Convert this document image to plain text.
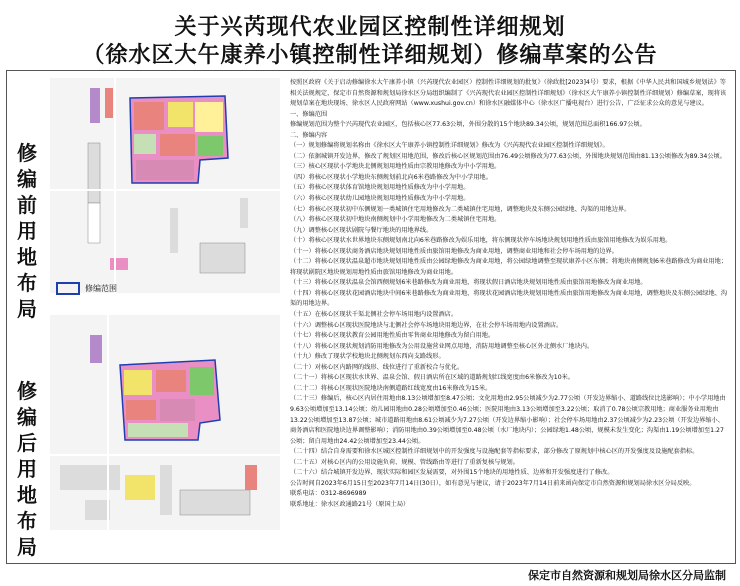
关于兴芮现代农业园区控制性详细规划
（徐水区大午康养小镇控制性详细规划）修编草案的公告
修编前用地布局
修编后用地布局
修编范围

按照区政府《关于启动修编徐水大午康养小镇（兴芮现代农业园区）控制性详细规划的批复》（徐政批[2023]4号）要求，根据《中华人民共和国城乡规划法》等相关法规规定，保定市自然资源和规划局徐水区分局组织编制了《兴芮现代农业园区控制性详细规划》（徐水区大午康养小镇控制性详细规划）修编草案，现将该规划草案在地块现场、徐水区人民政府网站（www.xushui.gov.cn）和徐水区融媒体中心（徐水区广播电视台）进行公告，广泛征求公众的意见与建议。

一、修编范围

修编规划范围为整个兴芮现代农业园区，包括核心区77.63公顷，外围分散的15个地块89.34公顷，规划范围总面积166.97公顷。

二、修编内容

（一）规划修编将规划名称由《徐水区大午康养小镇控制性详细规划》修改为《兴芮现代农业园区控制性详细规划》。

（二）依据城镇开发边界，修改了规划区用地范围，修改后核心区规划范围由76.49公顷修改为77.63公顷，外围地块规划范围由81.13公顷修改为89.34公顷。

（三）核心区现状小学地块北侧规划用地性质由宗教用地修改为中小学用地。

（四）将核心区现状小学地块东侧规划前北向6米巷路修改为中小学用地。

（五）将核心区现状体育馆地块规划用地性质修改为中小学用地。

（六）将核心区现状幼儿园地块规划用地性质修改为中小学用地。

（七）将核心区现状初中东侧规划一类城镇住宅用地修改为二类城镇住宅用地，调整地块及东侧公园绿地、沟渠的用地边界。

（八）将核心区现状初中地块南侧规划中小学用地修改为二类城镇住宅用地。

（九）调整核心区现状剧院与餐厅地块的用地界线。

（十）将核心区现状水世界地块东侧规划南北向6米巷路修改为娱乐用地，将东侧现状停车场地块规划用地性质由旅馆用地修改为娱乐用地。

（十一）将核心区现状商务酒店地块规划用地性质由旅馆用地修改为商业用地，调整商业用地和社会停车场用地的边界。

（十二）将核心区现状温泉超市地块规划用地性质由公园绿地修改为商业用地，将公园绿地调整至现状康养小区东侧；将地块南侧规划6米巷路修改为商业用地；将现状剧院区地块规划用地性质由旅馆用地修改为商业用地。

（十三）将核心区现状温泉会馆西侧规划6米巷路修改为商业用地，将现状假日酒店地块规划用地性质由旅馆用地修改为商业用地。

（十四）将核心区现状花园酒店地块中间6米巷路修改为商业用地，将现状花园酒店地块规划用地性质由旅馆用地修改为商业用地，调整地块及东侧公园绿地、沟渠的用地边界。

（十五）在核心区现状千渠北侧社会停车场用地内设置酒店。

（十六）调整核心区现状医院地块与北侧社会停车场地块用地边界，在社会停车场用地内设置酒店。

（十七）将核心区现状教育公园用地性质由零售商业用地修改为留白用地。

（十八）将核心区现状规划消防用地修改为公用设施营业网点用地，消防用地调整至核心区外北侧水厂地块内。

（十九）修改了现状学校地块北侧规划东西向支路线形。

（二十）对核心区内路网的线形、线位进行了重新校合与优化。

（二十一）将核心区现状水世界、温泉会馆、假日酒店所在区域的道路规划红线宽度由6米修改为10米。

（二十二）将核心区现状医院地块南侧道路红线宽度由16米修改为15米。

（二十三）修编后，核心区内居住用地由8.13公顷增加至8.47公顷；文化用地由2.95公顷减少为2.77公顷（开发边界缩小、道路线位比选影响）；中小学用地由9.63公顷增加至13.14公顷；幼儿园用地由0.28公顷增加至0.46公顷；医院用地由3.13公顷增加至3.22公顷；取消了0.78公顷宗教用地；商业服务业用地由13.22公顷增加至13.87公顷；城市道路用地由8.61公顷减少为7.27公顷（开发边界缩小影响）；社会停车场用地由2.37公顷减少为2.23公顷（开发边界缩小、商务酒店和医院地块边界调整影响）；消防用地由0.39公顷增加至0.48公顷（水厂地块内）；公园绿地1.48公顷，规模未发生变化；沟渠由1.19公顷增加至1.27公顷；留白用地由24.42公顷增加至23.44公顷。

（二十四）结合自身需要和徐水区城区控制性详细规划中的开发强度与设施配套等指标要求，部分修改了原规划中核心区的开发强度及设施配套指标。

（二十五）对核心区内的公用设施负荷、规模、管线路由等进行了重新复核与规划。

（二十六）结合城镇开发边界、现状实际和园区发展需要，对外围15个地块的用地性质、边界和开发强度进行了修改。

公告时间自2023年6月15日至2023年7月14日(30日），如有意见与建议，请于2023年7月14日前来函向保定市自然资源和规划局徐水区分局反映。

联系电话：0312-8696989

联系地址：徐水区政通路21号（原国土局）

保定市自然资源和规划局徐水区分局监制
